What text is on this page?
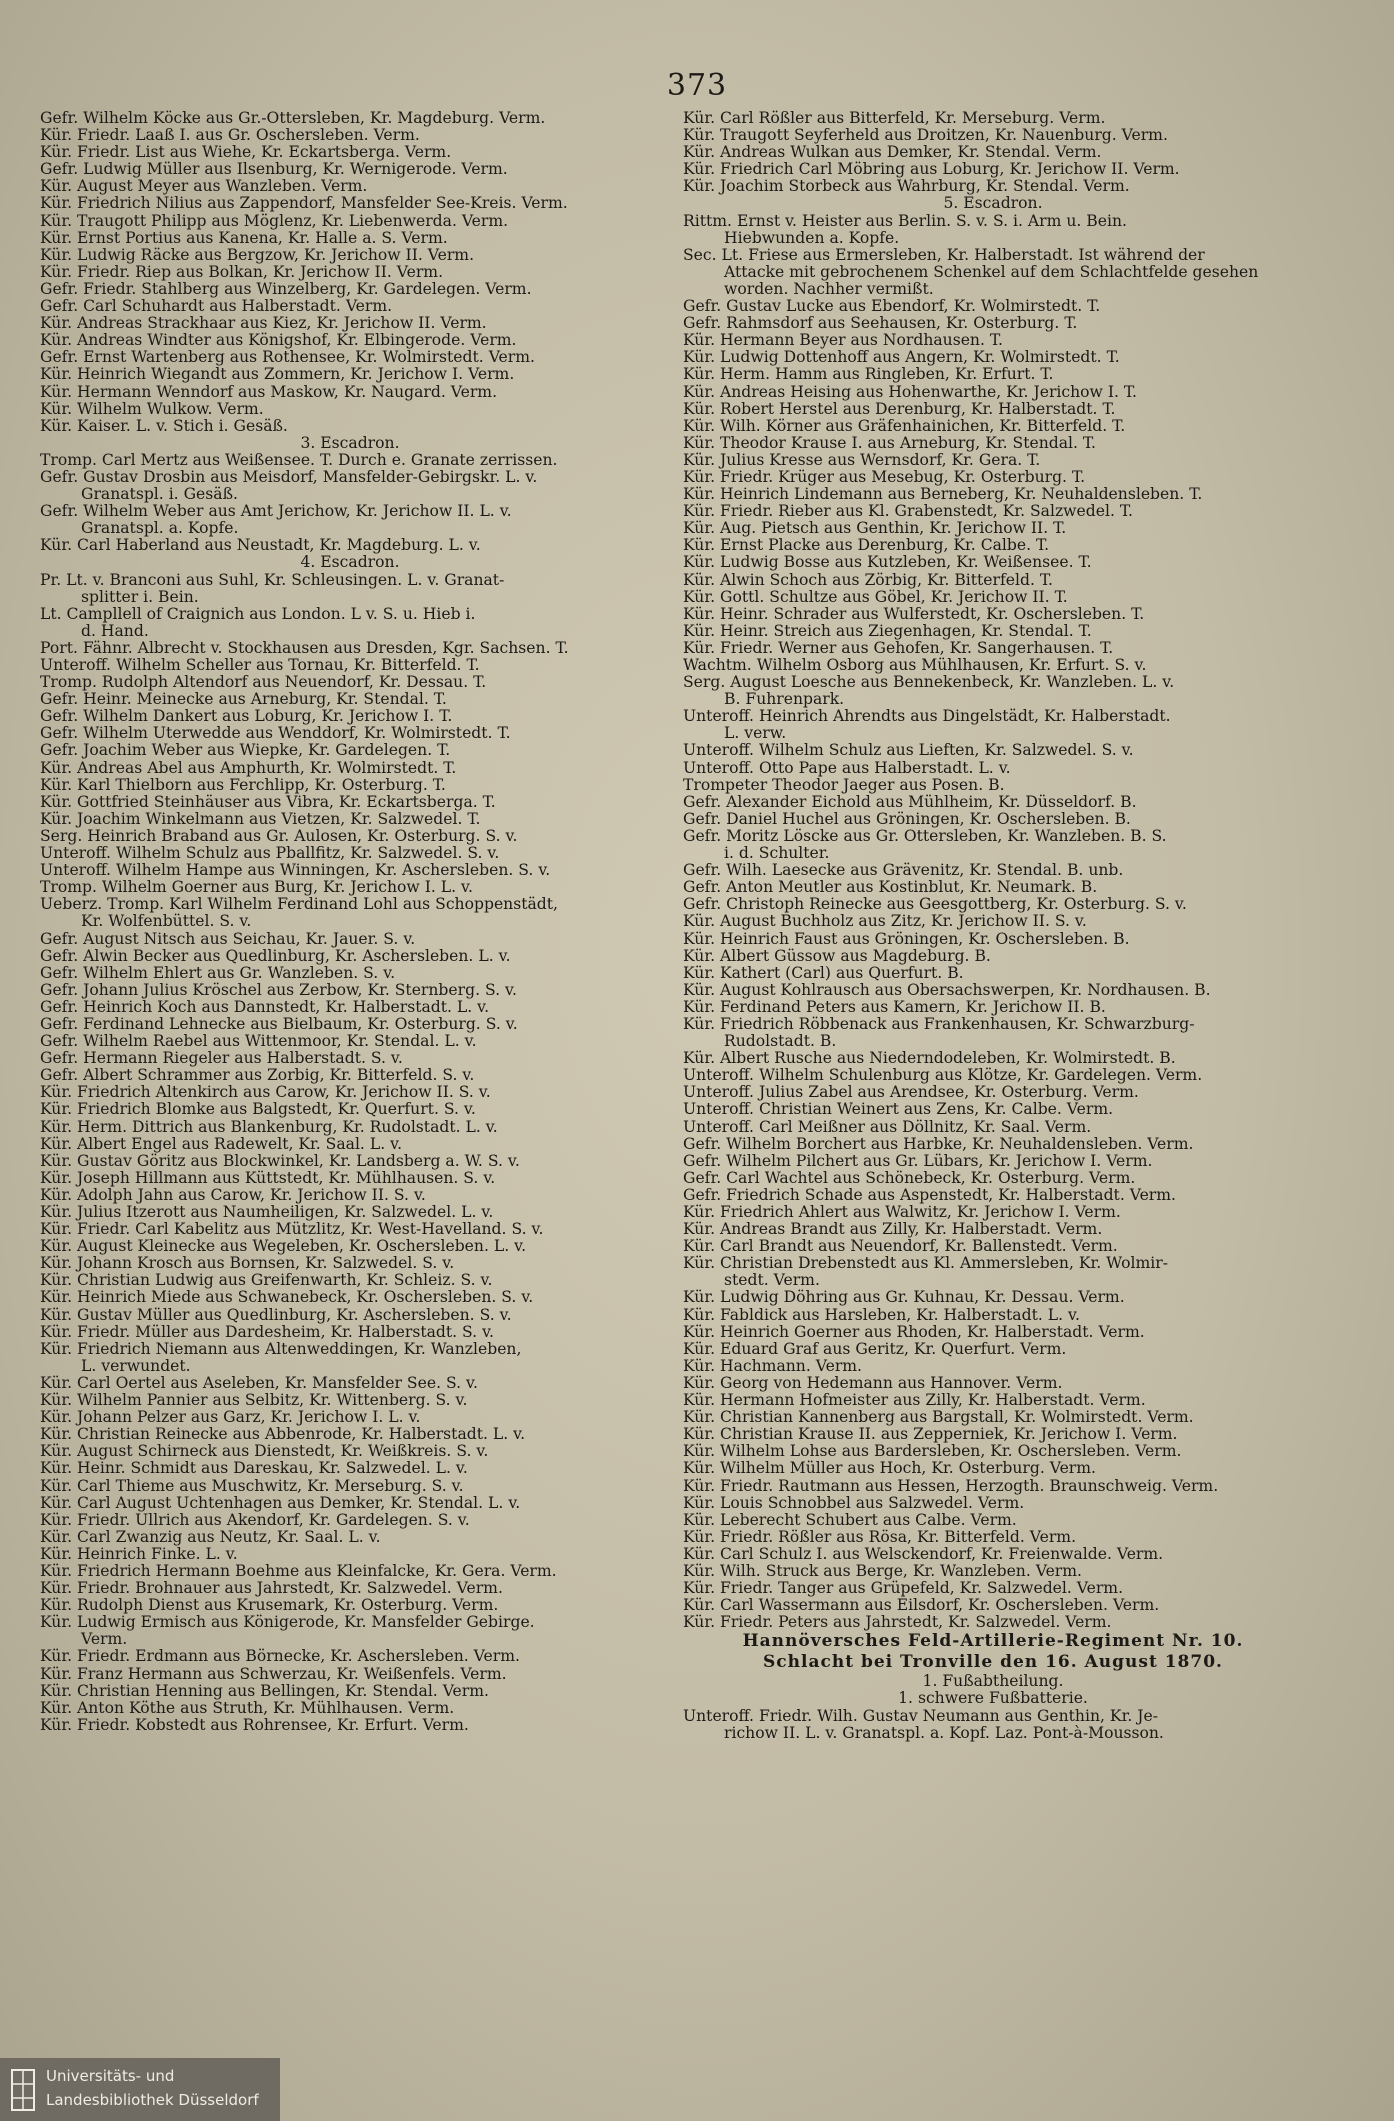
373
Gefr. Wilhelm Köcke aus Gr.-Ottersleben, Kr. Magdeburg. Verm.
Kür. Friedr. Laaß I. aus Gr. Oschersleben. Verm.
Kür. Friedr. List aus Wiehe, Kr. Eckartsberga. Verm.
Gefr. Ludwig Müller aus Ilsenburg, Kr. Wernigerode. Verm.
Kür. August Meyer aus Wanzleben. Verm.
Kür. Friedrich Nilius aus Zappendorf, Mansfelder See-Kreis. Verm.
Kür. Traugott Philipp aus Möglenz, Kr. Liebenwerda. Verm.
Kür. Ernst Portius aus Kanena, Kr. Halle a. S. Verm.
Kür. Ludwig Räcke aus Bergzow, Kr. Jerichow II. Verm.
Kür. Friedr. Riep aus Bolkan, Kr. Jerichow II. Verm.
Gefr. Friedr. Stahlberg aus Winzelberg, Kr. Gardelegen. Verm.
Gefr. Carl Schuhardt aus Halberstadt. Verm.
Kür. Andreas Strackhaar aus Kiez, Kr. Jerichow II. Verm.
Kür. Andreas Windter aus Königshof, Kr. Elbingerode. Verm.
Gefr. Ernst Wartenberg aus Rothensee, Kr. Wolmirstedt. Verm.
Kür. Heinrich Wiegandt aus Zommern, Kr. Jerichow I. Verm.
Kür. Hermann Wenndorf aus Maskow, Kr. Naugard. Verm.
Kür. Wilhelm Wulkow. Verm.
Kür. Kaiser. L. v. Stich i. Gesäß.
3. Escadron.
Tromp. Carl Mertz aus Weißensee. T. Durch e. Granate zerrissen.
Gefr. Gustav Drosbin aus Meisdorf, Mansfelder-Gebirgskr. L. v.
Granatspl. i. Gesäß.
Gefr. Wilhelm Weber aus Amt Jerichow, Kr. Jerichow II. L. v.
Granatspl. a. Kopfe.
Kür. Carl Haberland aus Neustadt, Kr. Magdeburg. L. v.
4. Escadron.
Pr. Lt. v. Branconi aus Suhl, Kr. Schleusingen. L. v. Granat-
splitter i. Bein.
Lt. Campllell of Craignich aus London. L v. S. u. Hieb i.
d. Hand.
Port. Fähnr. Albrecht v. Stockhausen aus Dresden, Kgr. Sachsen. T.
Unteroff. Wilhelm Scheller aus Tornau, Kr. Bitterfeld. T.
Tromp. Rudolph Altendorf aus Neuendorf, Kr. Dessau. T.
Gefr. Heinr. Meinecke aus Arneburg, Kr. Stendal. T.
Gefr. Wilhelm Dankert aus Loburg, Kr. Jerichow I. T.
Gefr. Wilhelm Uterwedde aus Wenddorf, Kr. Wolmirstedt. T.
Gefr. Joachim Weber aus Wiepke, Kr. Gardelegen. T.
Kür. Andreas Abel aus Amphurth, Kr. Wolmirstedt. T.
Kür. Karl Thielborn aus Ferchlipp, Kr. Osterburg. T.
Kür. Gottfried Steinhäuser aus Vibra, Kr. Eckartsberga. T.
Kür. Joachim Winkelmann aus Vietzen, Kr. Salzwedel. T.
Serg. Heinrich Braband aus Gr. Aulosen, Kr. Osterburg. S. v.
Unteroff. Wilhelm Schulz aus Pballfitz, Kr. Salzwedel. S. v.
Unteroff. Wilhelm Hampe aus Winningen, Kr. Aschersleben. S. v.
Tromp. Wilhelm Goerner aus Burg, Kr. Jerichow I. L. v.
Ueberz. Tromp. Karl Wilhelm Ferdinand Lohl aus Schoppenstädt,
Kr. Wolfenbüttel. S. v.
Gefr. August Nitsch aus Seichau, Kr. Jauer. S. v.
Gefr. Alwin Becker aus Quedlinburg, Kr. Aschersleben. L. v.
Gefr. Wilhelm Ehlert aus Gr. Wanzleben. S. v.
Gefr. Johann Julius Kröschel aus Zerbow, Kr. Sternberg. S. v.
Gefr. Heinrich Koch aus Dannstedt, Kr. Halberstadt. L. v.
Gefr. Ferdinand Lehnecke aus Bielbaum, Kr. Osterburg. S. v.
Gefr. Wilhelm Raebel aus Wittenmoor, Kr. Stendal. L. v.
Gefr. Hermann Riegeler aus Halberstadt. S. v.
Gefr. Albert Schrammer aus Zorbig, Kr. Bitterfeld. S. v.
Kür. Friedrich Altenkirch aus Carow, Kr. Jerichow II. S. v.
Kür. Friedrich Blomke aus Balgstedt, Kr. Querfurt. S. v.
Kür. Herm. Dittrich aus Blankenburg, Kr. Rudolstadt. L. v.
Kür. Albert Engel aus Radewelt, Kr. Saal. L. v.
Kür. Gustav Göritz aus Blockwinkel, Kr. Landsberg a. W. S. v.
Kür. Joseph Hillmann aus Küttstedt, Kr. Mühlhausen. S. v.
Kür. Adolph Jahn aus Carow, Kr. Jerichow II. S. v.
Kür. Julius Itzerott aus Naumheiligen, Kr. Salzwedel. L. v.
Kür. Friedr. Carl Kabelitz aus Mützlitz, Kr. West-Havelland. S. v.
Kür. August Kleinecke aus Wegeleben, Kr. Oschersleben. L. v.
Kür. Johann Krosch aus Bornsen, Kr. Salzwedel. S. v.
Kür. Christian Ludwig aus Greifenwarth, Kr. Schleiz. S. v.
Kür. Heinrich Miede aus Schwanebeck, Kr. Oschersleben. S. v.
Kür. Gustav Müller aus Quedlinburg, Kr. Aschersleben. S. v.
Kür. Friedr. Müller aus Dardesheim, Kr. Halberstadt. S. v.
Kür. Friedrich Niemann aus Altenweddingen, Kr. Wanzleben,
L. verwundet.
Kür. Carl Oertel aus Aseleben, Kr. Mansfelder See. S. v.
Kür. Wilhelm Pannier aus Selbitz, Kr. Wittenberg. S. v.
Kür. Johann Pelzer aus Garz, Kr. Jerichow I. L. v.
Kür. Christian Reinecke aus Abbenrode, Kr. Halberstadt. L. v.
Kür. August Schirneck aus Dienstedt, Kr. Weißkreis. S. v.
Kür. Heinr. Schmidt aus Dareskau, Kr. Salzwedel. L. v.
Kür. Carl Thieme aus Muschwitz, Kr. Merseburg. S. v.
Kür. Carl August Uchtenhagen aus Demker, Kr. Stendal. L. v.
Kür. Friedr. Ullrich aus Akendorf, Kr. Gardelegen. S. v.
Kür. Carl Zwanzig aus Neutz, Kr. Saal. L. v.
Kür. Heinrich Finke. L. v.
Kür. Friedrich Hermann Boehme aus Kleinfalcke, Kr. Gera. Verm.
Kür. Friedr. Brohnauer aus Jahrstedt, Kr. Salzwedel. Verm.
Kür. Rudolph Dienst aus Krusemark, Kr. Osterburg. Verm.
Kür. Ludwig Ermisch aus Königerode, Kr. Mansfelder Gebirge.
Verm.
Kür. Friedr. Erdmann aus Börnecke, Kr. Aschersleben. Verm.
Kür. Franz Hermann aus Schwerzau, Kr. Weißenfels. Verm.
Kür. Christian Henning aus Bellingen, Kr. Stendal. Verm.
Kür. Anton Köthe aus Struth, Kr. Mühlhausen. Verm.
Kür. Friedr. Kobstedt aus Rohrensee, Kr. Erfurt. Verm.
Kür. Carl Rößler aus Bitterfeld, Kr. Merseburg. Verm.
Kür. Traugott Seyferheld aus Droitzen, Kr. Nauenburg. Verm.
Kür. Andreas Wulkan aus Demker, Kr. Stendal. Verm.
Kür. Friedrich Carl Möbring aus Loburg, Kr. Jerichow II. Verm.
Kür. Joachim Storbeck aus Wahrburg, Kr. Stendal. Verm.
5. Escadron.
Rittm. Ernst v. Heister aus Berlin. S. v. S. i. Arm u. Bein.
Hiebwunden a. Kopfe.
Sec. Lt. Friese aus Ermersleben, Kr. Halberstadt. Ist während der
Attacke mit gebrochenem Schenkel auf dem Schlachtfelde gesehen
worden. Nachher vermißt.
Gefr. Gustav Lucke aus Ebendorf, Kr. Wolmirstedt. T.
Gefr. Rahmsdorf aus Seehausen, Kr. Osterburg. T.
Kür. Hermann Beyer aus Nordhausen. T.
Kür. Ludwig Dottenhoff aus Angern, Kr. Wolmirstedt. T.
Kür. Herm. Hamm aus Ringleben, Kr. Erfurt. T.
Kür. Andreas Heising aus Hohenwarthe, Kr. Jerichow I. T.
Kür. Robert Herstel aus Derenburg, Kr. Halberstadt. T.
Kür. Wilh. Körner aus Gräfenhainichen, Kr. Bitterfeld. T.
Kür. Theodor Krause I. aus Arneburg, Kr. Stendal. T.
Kür. Julius Kresse aus Wernsdorf, Kr. Gera. T.
Kür. Friedr. Krüger aus Mesebug, Kr. Osterburg. T.
Kür. Heinrich Lindemann aus Berneberg, Kr. Neuhaldensleben. T.
Kür. Friedr. Rieber aus Kl. Grabenstedt, Kr. Salzwedel. T.
Kür. Aug. Pietsch aus Genthin, Kr. Jerichow II. T.
Kür. Ernst Placke aus Derenburg, Kr. Calbe. T.
Kür. Ludwig Bosse aus Kutzleben, Kr. Weißensee. T.
Kür. Alwin Schoch aus Zörbig, Kr. Bitterfeld. T.
Kür. Gottl. Schultze aus Göbel, Kr. Jerichow II. T.
Kür. Heinr. Schrader aus Wulferstedt, Kr. Oschersleben. T.
Kür. Heinr. Streich aus Ziegenhagen, Kr. Stendal. T.
Kür. Friedr. Werner aus Gehofen, Kr. Sangerhausen. T.
Wachtm. Wilhelm Osborg aus Mühlhausen, Kr. Erfurt. S. v.
Serg. August Loesche aus Bennekenbeck, Kr. Wanzleben. L. v.
B. Fuhrenpark.
Unteroff. Heinrich Ahrendts aus Dingelstädt, Kr. Halberstadt.
L. verw.
Unteroff. Wilhelm Schulz aus Lieften, Kr. Salzwedel. S. v.
Unteroff. Otto Pape aus Halberstadt. L. v.
Trompeter Theodor Jaeger aus Posen. B.
Gefr. Alexander Eichold aus Mühlheim, Kr. Düsseldorf. B.
Gefr. Daniel Huchel aus Gröningen, Kr. Oschersleben. B.
Gefr. Moritz Löscke aus Gr. Ottersleben, Kr. Wanzleben. B. S.
i. d. Schulter.
Gefr. Wilh. Laesecke aus Grävenitz, Kr. Stendal. B. unb.
Gefr. Anton Meutler aus Kostinblut, Kr. Neumark. B.
Gefr. Christoph Reinecke aus Geesgottberg, Kr. Osterburg. S. v.
Kür. August Buchholz aus Zitz, Kr. Jerichow II. S. v.
Kür. Heinrich Faust aus Gröningen, Kr. Oschersleben. B.
Kür. Albert Güssow aus Magdeburg. B.
Kür. Kathert (Carl) aus Querfurt. B.
Kür. August Kohlrausch aus Obersachswerpen, Kr. Nordhausen. B.
Kür. Ferdinand Peters aus Kamern, Kr. Jerichow II. B.
Kür. Friedrich Röbbenack aus Frankenhausen, Kr. Schwarzburg-
Rudolstadt. B.
Kür. Albert Rusche aus Niederndodeleben, Kr. Wolmirstedt. B.
Unteroff. Wilhelm Schulenburg aus Klötze, Kr. Gardelegen. Verm.
Unteroff. Julius Zabel aus Arendsee, Kr. Osterburg. Verm.
Unteroff. Christian Weinert aus Zens, Kr. Calbe. Verm.
Unteroff. Carl Meißner aus Döllnitz, Kr. Saal. Verm.
Gefr. Wilhelm Borchert aus Harbke, Kr. Neuhaldensleben. Verm.
Gefr. Wilhelm Pilchert aus Gr. Lübars, Kr. Jerichow I. Verm.
Gefr. Carl Wachtel aus Schönebeck, Kr. Osterburg. Verm.
Gefr. Friedrich Schade aus Aspenstedt, Kr. Halberstadt. Verm.
Kür. Friedrich Ahlert aus Walwitz, Kr. Jerichow I. Verm.
Kür. Andreas Brandt aus Zilly, Kr. Halberstadt. Verm.
Kür. Carl Brandt aus Neuendorf, Kr. Ballenstedt. Verm.
Kür. Christian Drebenstedt aus Kl. Ammersleben, Kr. Wolmir-
stedt. Verm.
Kür. Ludwig Döhring aus Gr. Kuhnau, Kr. Dessau. Verm.
Kür. Fabldick aus Harsleben, Kr. Halberstadt. L. v.
Kür. Heinrich Goerner aus Rhoden, Kr. Halberstadt. Verm.
Kür. Eduard Graf aus Geritz, Kr. Querfurt. Verm.
Kür. Hachmann. Verm.
Kür. Georg von Hedemann aus Hannover. Verm.
Kür. Hermann Hofmeister aus Zilly, Kr. Halberstadt. Verm.
Kür. Christian Kannenberg aus Bargstall, Kr. Wolmirstedt. Verm.
Kür. Christian Krause II. aus Zepperniek, Kr. Jerichow I. Verm.
Kür. Wilhelm Lohse aus Bardersleben, Kr. Oschersleben. Verm.
Kür. Wilhelm Müller aus Hoch, Kr. Osterburg. Verm.
Kür. Friedr. Rautmann aus Hessen, Herzogth. Braunschweig. Verm.
Kür. Louis Schnobbel aus Salzwedel. Verm.
Kür. Leberecht Schubert aus Calbe. Verm.
Kür. Friedr. Rößler aus Rösa, Kr. Bitterfeld. Verm.
Kür. Carl Schulz I. aus Welsckendorf, Kr. Freienwalde. Verm.
Kür. Wilh. Struck aus Berge, Kr. Wanzleben. Verm.
Kür. Friedr. Tanger aus Grüpefeld, Kr. Salzwedel. Verm.
Kür. Carl Wassermann aus Eilsdorf, Kr. Oschersleben. Verm.
Kür. Friedr. Peters aus Jahrstedt, Kr. Salzwedel. Verm.
Hannöversches Feld-Artillerie-Regiment Nr. 10.
Schlacht bei Tronville den 16. August 1870.
1. Fußabtheilung.
1. schwere Fußbatterie.
Unteroff. Friedr. Wilh. Gustav Neumann aus Genthin, Kr. Je-
richow II. L. v. Granatspl. a. Kopf. Laz. Pont-à-Mousson.
Universitäts- und
Landesbibliothek Düsseldorf
